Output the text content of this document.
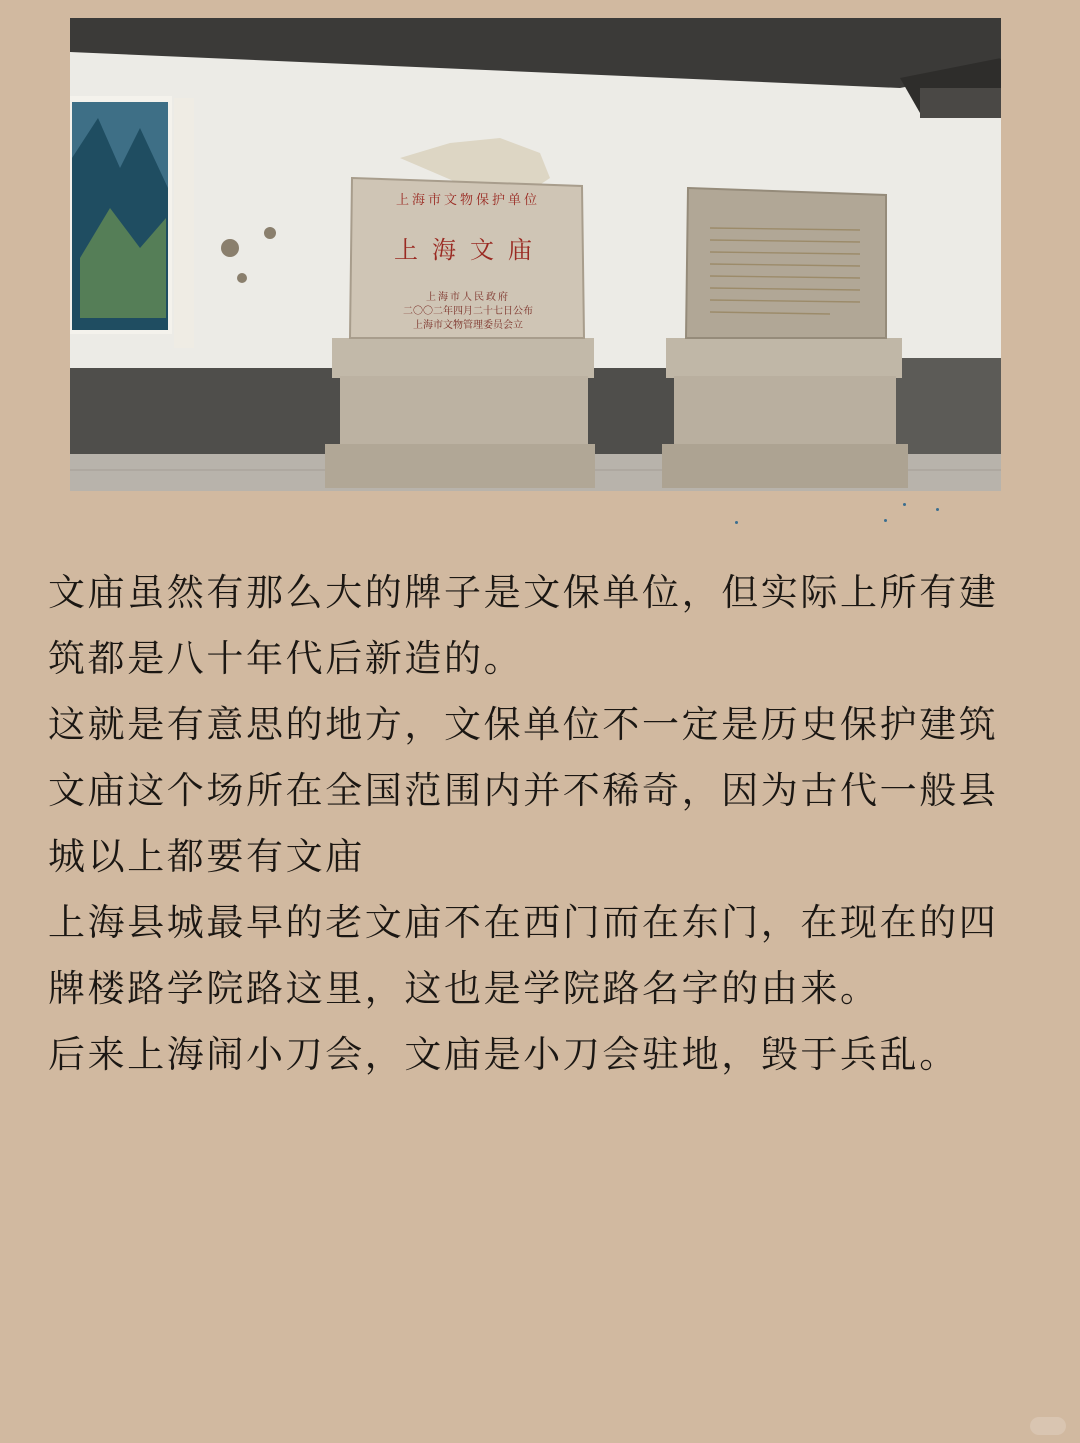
上海市文物保护单位
上海文庙
上海市人民政府
二〇〇二年四月二十七日公布
上海市文物管理委员会立

文庙虽然有那么大的牌子是文保单位，但实际上所有建筑都是八十年代后新造的。

这就是有意思的地方，文保单位不一定是历史保护建筑

文庙这个场所在全国范围内并不稀奇，因为古代一般县城以上都要有文庙

上海县城最早的老文庙不在西门而在东门，在现在的四牌楼路学院路这里，这也是学院路名字的由来。

后来上海闹小刀会，文庙是小刀会驻地，毁于兵乱。
